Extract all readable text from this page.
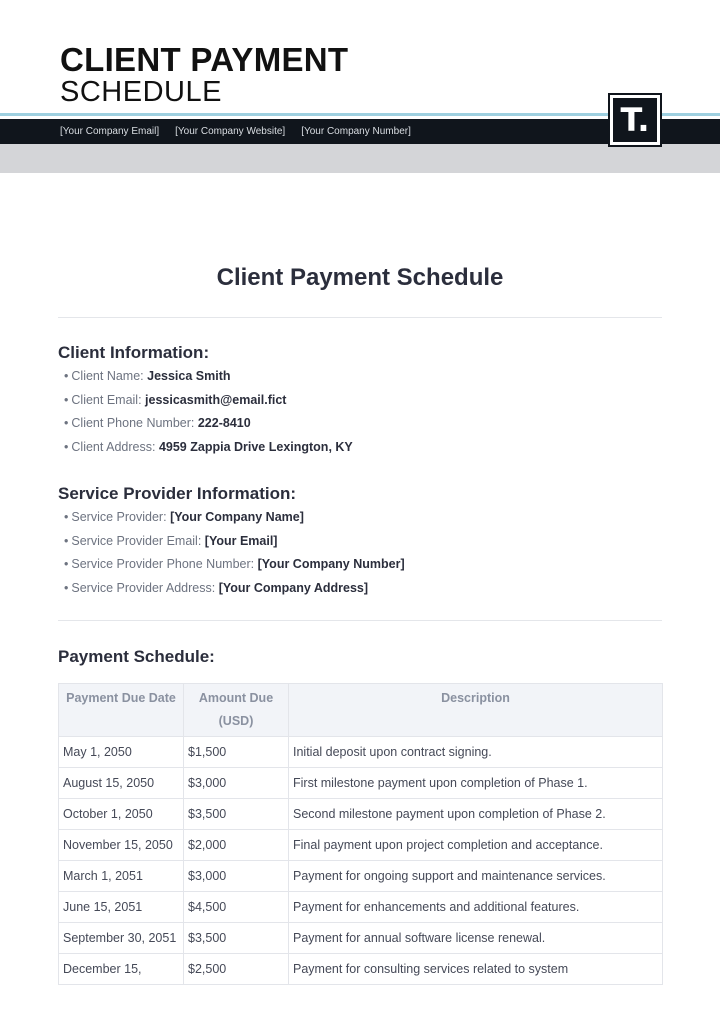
CLIENT PAYMENT
SCHEDULE
[Your Company Email] [Your Company Website] [Your Company Number]	T.
Client Payment Schedule
Client Information:
• Client Name: Jessica Smith
• Client Email: jessicasmith@email.fict
• Client Phone Number: 222-8410
• Client Address: 4959 Zappia Drive Lexington, KY
Service Provider Information:
• Service Provider: [Your Company Name]
• Service Provider Email: [Your Email]
• Service Provider Phone Number: [Your Company Number]
• Service Provider Address: [Your Company Address]
Payment Schedule:
Payment Due Date	Amount Due (USD)	Description
May 1, 2050	$1,500	Initial deposit upon contract signing.
August 15, 2050	$3,000	First milestone payment upon completion of Phase 1.
October 1, 2050	$3,500	Second milestone payment upon completion of Phase 2.
November 15, 2050	$2,000	Final payment upon project completion and acceptance.
March 1, 2051	$3,000	Payment for ongoing support and maintenance services.
June 15, 2051	$4,500	Payment for enhancements and additional features.
September 30, 2051	$3,500	Payment for annual software license renewal.
December 15,	$2,500	Payment for consulting services related to system
